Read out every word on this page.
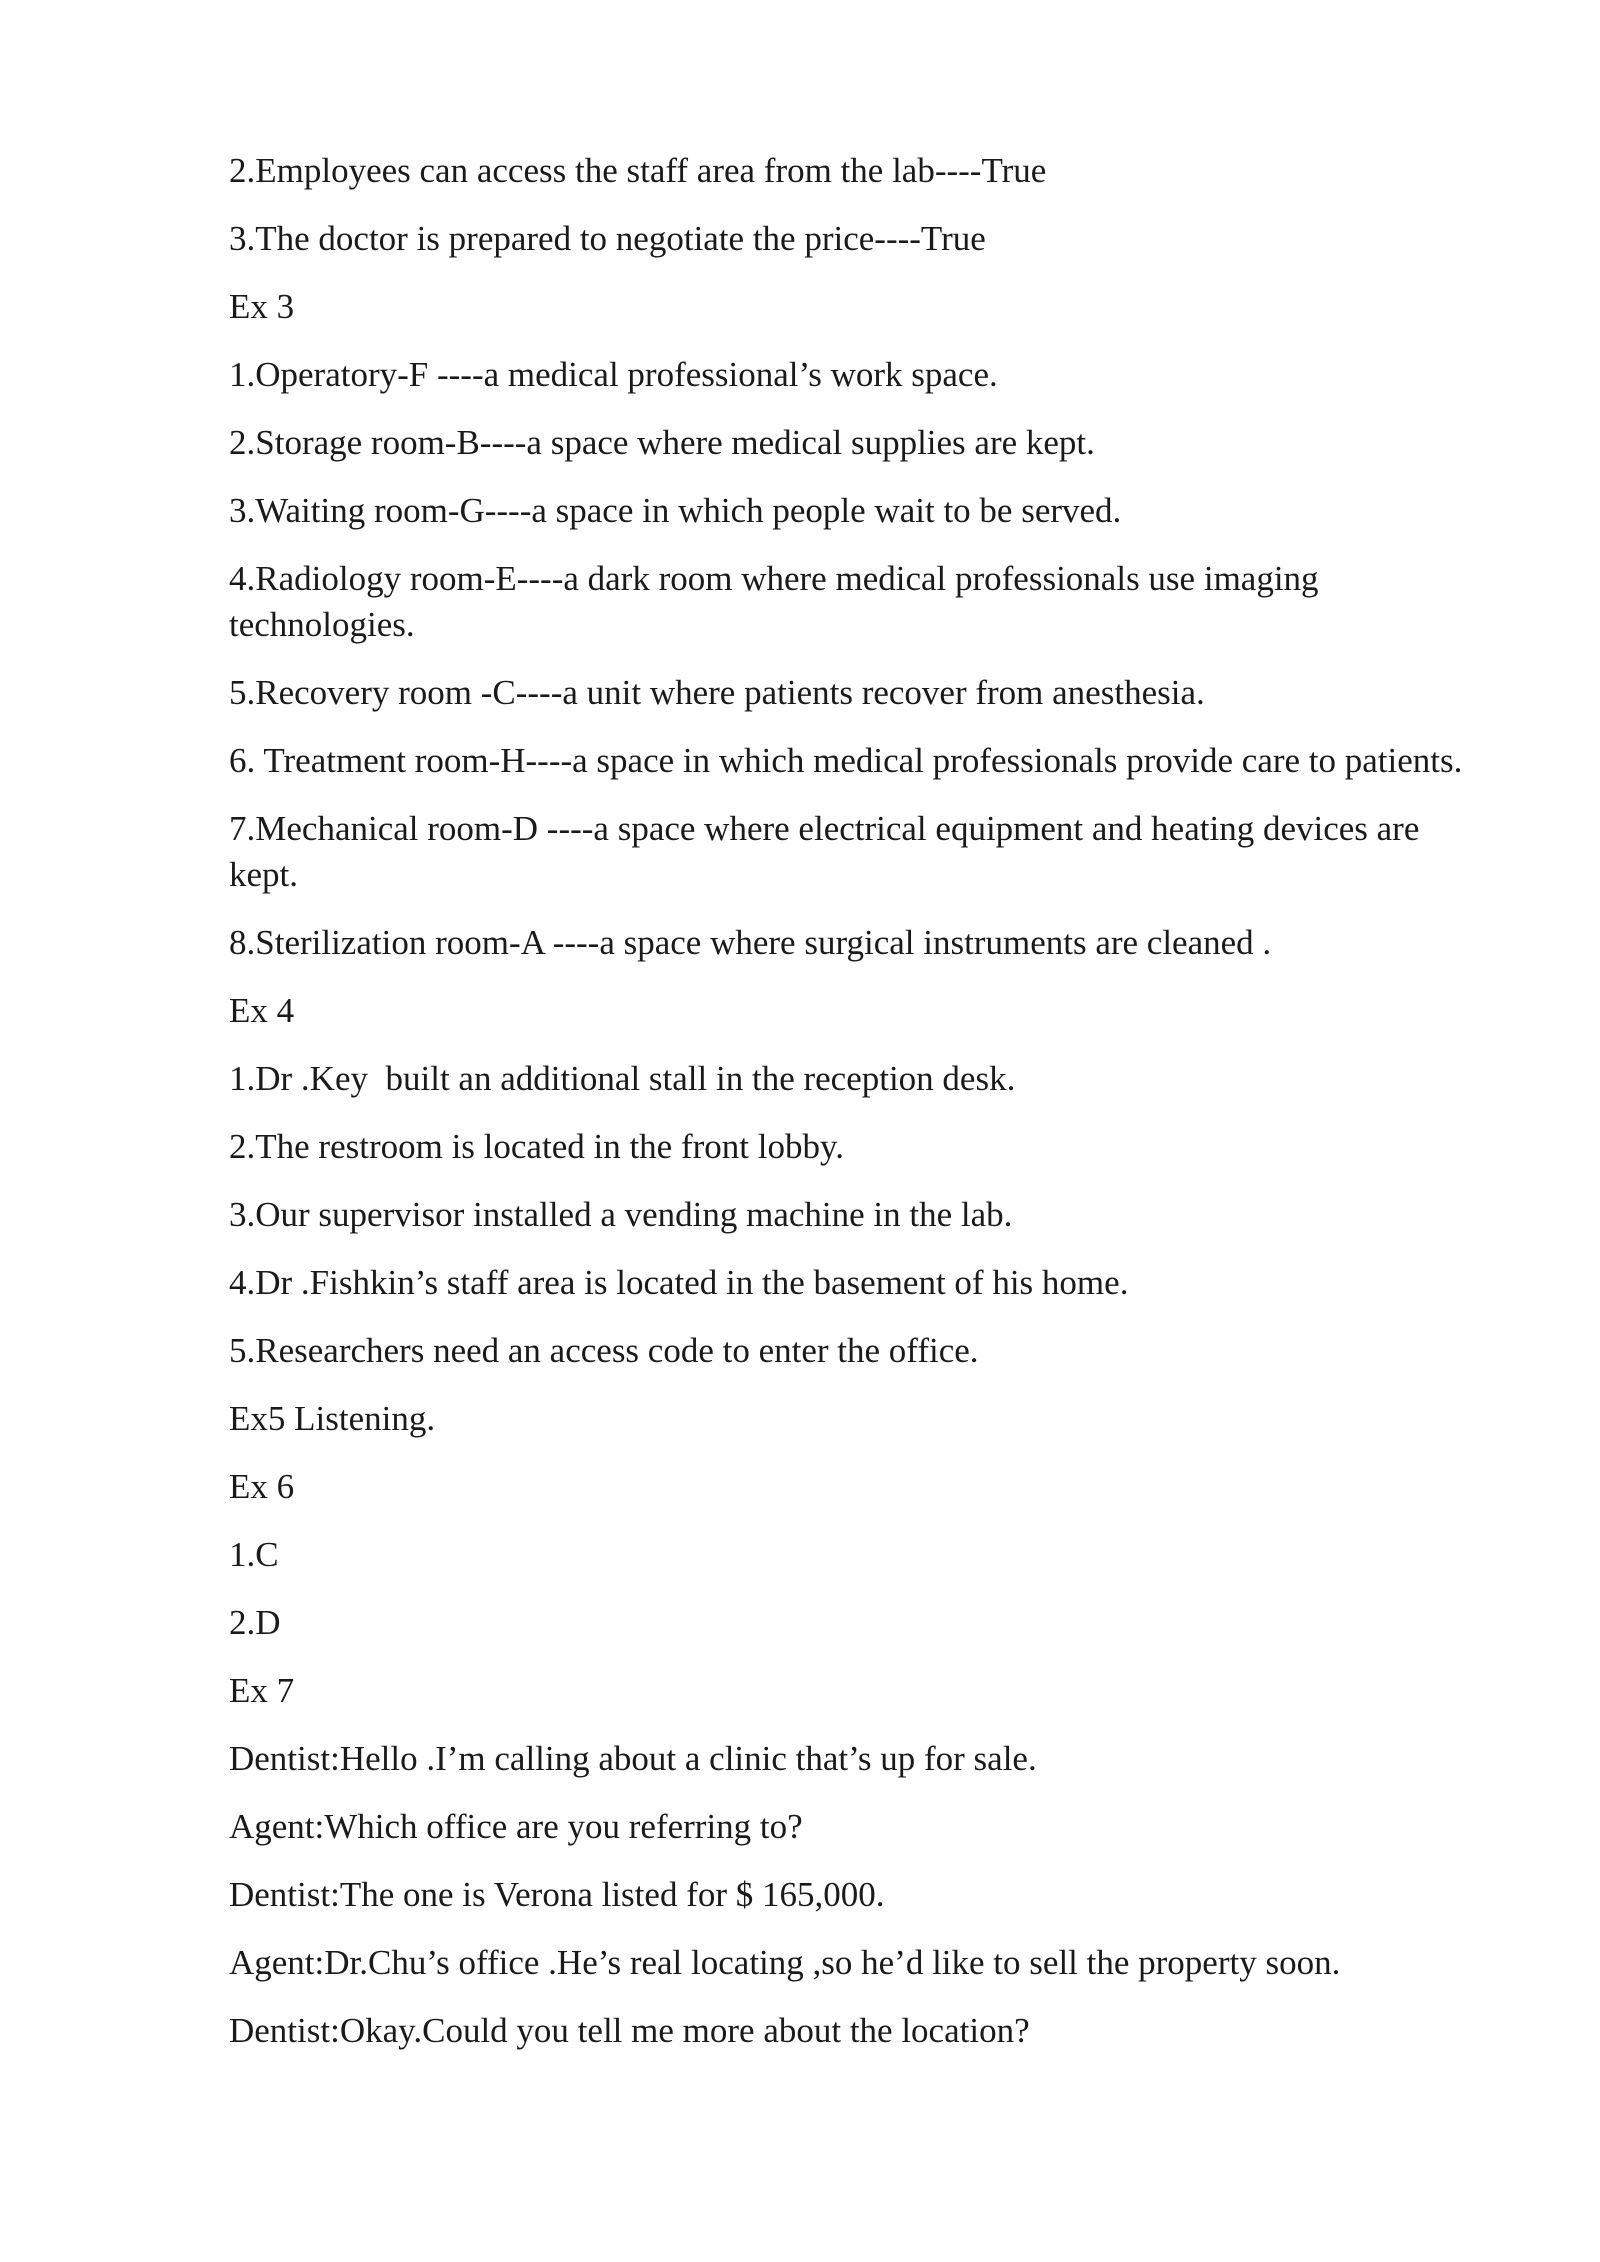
2.Employees can access the staff area from the lab----True

3.The doctor is prepared to negotiate the price----True

Ex 3

1.Operatory-F ----a medical professional’s work space.

2.Storage room-B----a space where medical supplies are kept.

3.Waiting room-G----a space in which people wait to be served.

4.Radiology room-E----a dark room where medical professionals use imaging technologies.

5.Recovery room -C----a unit where patients recover from anesthesia.

6. Treatment room-H----a space in which medical professionals provide care to patients.

7.Mechanical room-D ----a space where electrical equipment and heating devices are kept.

8.Sterilization room-A ----a space where surgical instruments are cleaned .

Ex 4

1.Dr .Key  built an additional stall in the reception desk.

2.The restroom is located in the front lobby.

3.Our supervisor installed a vending machine in the lab.

4.Dr .Fishkin’s staff area is located in the basement of his home.

5.Researchers need an access code to enter the office.

Ex5 Listening.

Ex 6

1.C

2.D

Ex 7

Dentist:Hello .I’m calling about a clinic that’s up for sale.

Agent:Which office are you referring to?

Dentist:The one is Verona listed for $ 165,000.

Agent:Dr.Chu’s office .He’s real locating ,so he’d like to sell the property soon.

Dentist:Okay.Could you tell me more about the location?
